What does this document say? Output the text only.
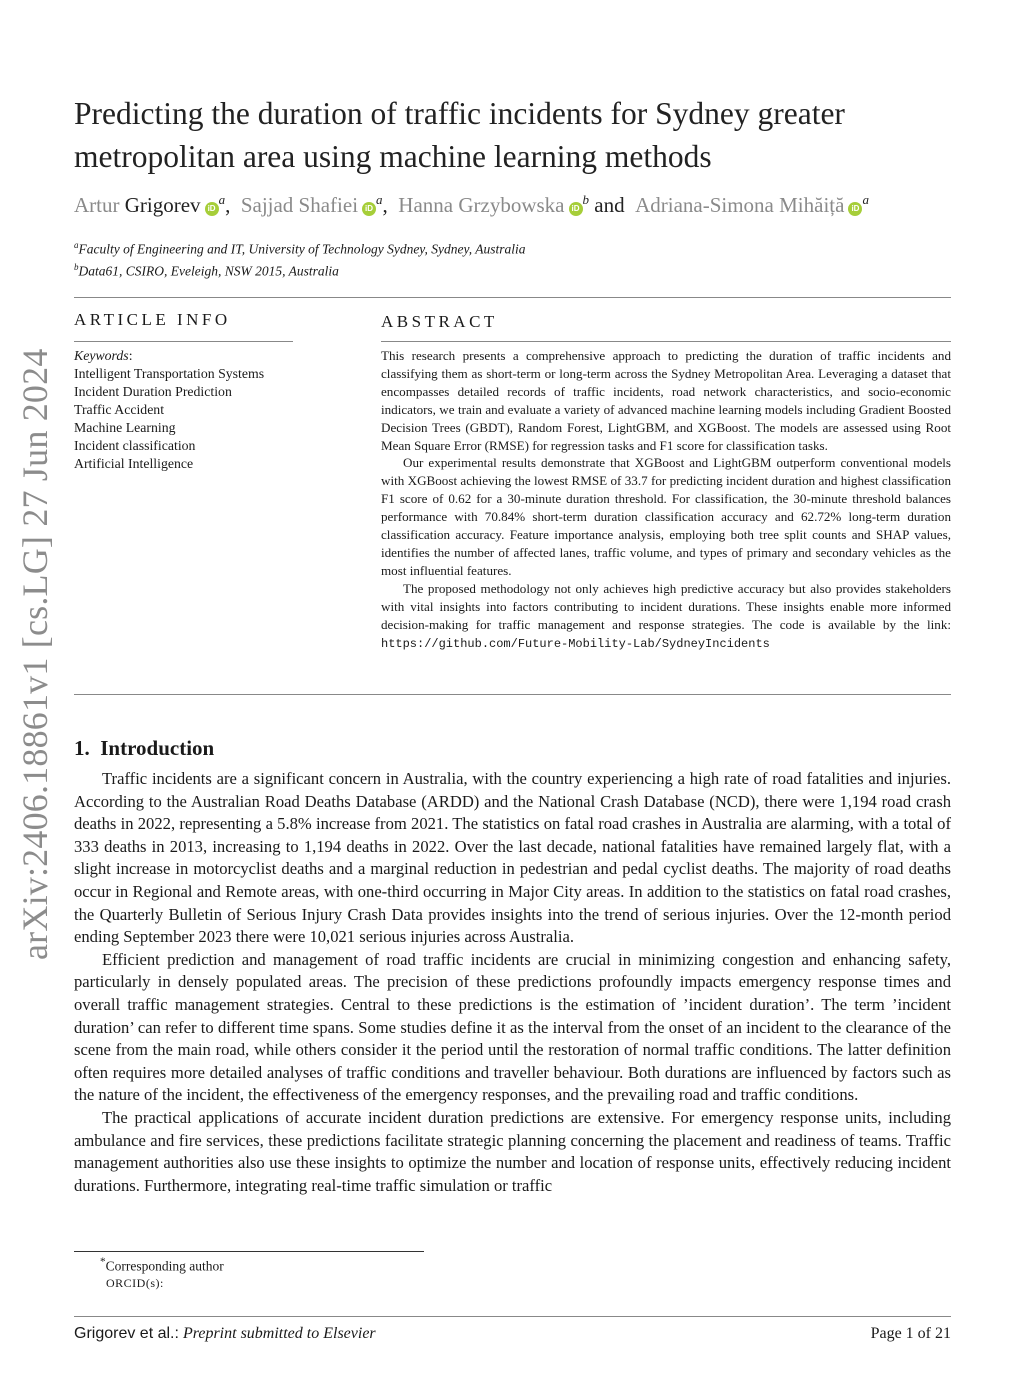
Predicting the duration of traffic incidents for Sydney greater metropolitan area using machine learning methods
Artur Grigorev $iD^a$, Sajjad Shafiei $iD^a$, Hanna Grzybowska $iD^b$ and Adriana-Simona Mihăiță $iD^a$
$^a$Faculty of Engineering and IT, University of Technology Sydney, Sydney, Australia
$^b$Data61, CSIRO, Eveleigh, NSW 2015, Australia
ARTICLE INFO
Keywords:
Intelligent Transportation Systems
Incident Duration Prediction
Traffic Accident
Machine Learning
Incident classification
Artificial Intelligence
ABSTRACT

This research presents a comprehensive approach to predicting the duration of traffic incidents and classifying them as short-term or long-term across the Sydney Metropolitan Area. Leveraging a dataset that encompasses detailed records of traffic incidents, road network characteristics, and socio-economic indicators, we train and evaluate a variety of advanced machine learning models including Gradient Boosted Decision Trees (GBDT), Random Forest, LightGBM, and XGBoost. The models are assessed using Root Mean Square Error (RMSE) for regression tasks and F1 score for classification tasks.

Our experimental results demonstrate that XGBoost and LightGBM outperform conventional models with XGBoost achieving the lowest RMSE of 33.7 for predicting incident duration and highest classification F1 score of 0.62 for a 30-minute duration threshold. For classification, the 30-minute threshold balances performance with 70.84% short-term duration classification accuracy and 62.72% long-term duration classification accuracy. Feature importance analysis, employing both tree split counts and SHAP values, identifies the number of affected lanes, traffic volume, and types of primary and secondary vehicles as the most influential features.

The proposed methodology not only achieves high predictive accuracy but also provides stakeholders with vital insights into factors contributing to incident durations. These insights enable more informed decision-making for traffic management and response strategies. The code is available by the link: https://github.com/Future-Mobility-Lab/SydneyIncidents

1. Introduction

Traffic incidents are a significant concern in Australia, with the country experiencing a high rate of road fatalities and injuries. According to the Australian Road Deaths Database (ARDD) and the National Crash Database (NCD), there were 1,194 road crash deaths in 2022, representing a 5.8% increase from 2021. The statistics on fatal road crashes in Australia are alarming, with a total of 333 deaths in 2013, increasing to 1,194 deaths in 2022. Over the last decade, national fatalities have remained largely flat, with a slight increase in motorcyclist deaths and a marginal reduction in pedestrian and pedal cyclist deaths. The majority of road deaths occur in Regional and Remote areas, with one-third occurring in Major City areas. In addition to the statistics on fatal road crashes, the Quarterly Bulletin of Serious Injury Crash Data provides insights into the trend of serious injuries. Over the 12-month period ending September 2023 there were 10,021 serious injuries across Australia.

Efficient prediction and management of road traffic incidents are crucial in minimizing congestion and enhancing safety, particularly in densely populated areas. The precision of these predictions profoundly impacts emergency response times and overall traffic management strategies. Central to these predictions is the estimation of ’incident duration’. The term ’incident duration’ can refer to different time spans. Some studies define it as the interval from the onset of an incident to the clearance of the scene from the main road, while others consider it the period until the restoration of normal traffic conditions. The latter definition often requires more detailed analyses of traffic conditions and traveller behaviour. Both durations are influenced by factors such as the nature of the incident, the effectiveness of the emergency responses, and the prevailing road and traffic conditions.

The practical applications of accurate incident duration predictions are extensive. For emergency response units, including ambulance and fire services, these predictions facilitate strategic planning concerning the placement and readiness of teams. Traffic management authorities also use these insights to optimize the number and location of response units, effectively reducing incident durations. Furthermore, integrating real-time traffic simulation or traffic

arXiv:2406.18861v1 [cs.LG] 27 Jun 2024
*Corresponding author
ORCID(s):
Grigorev et al.: Preprint submitted to Elsevier	Page 1 of 21
